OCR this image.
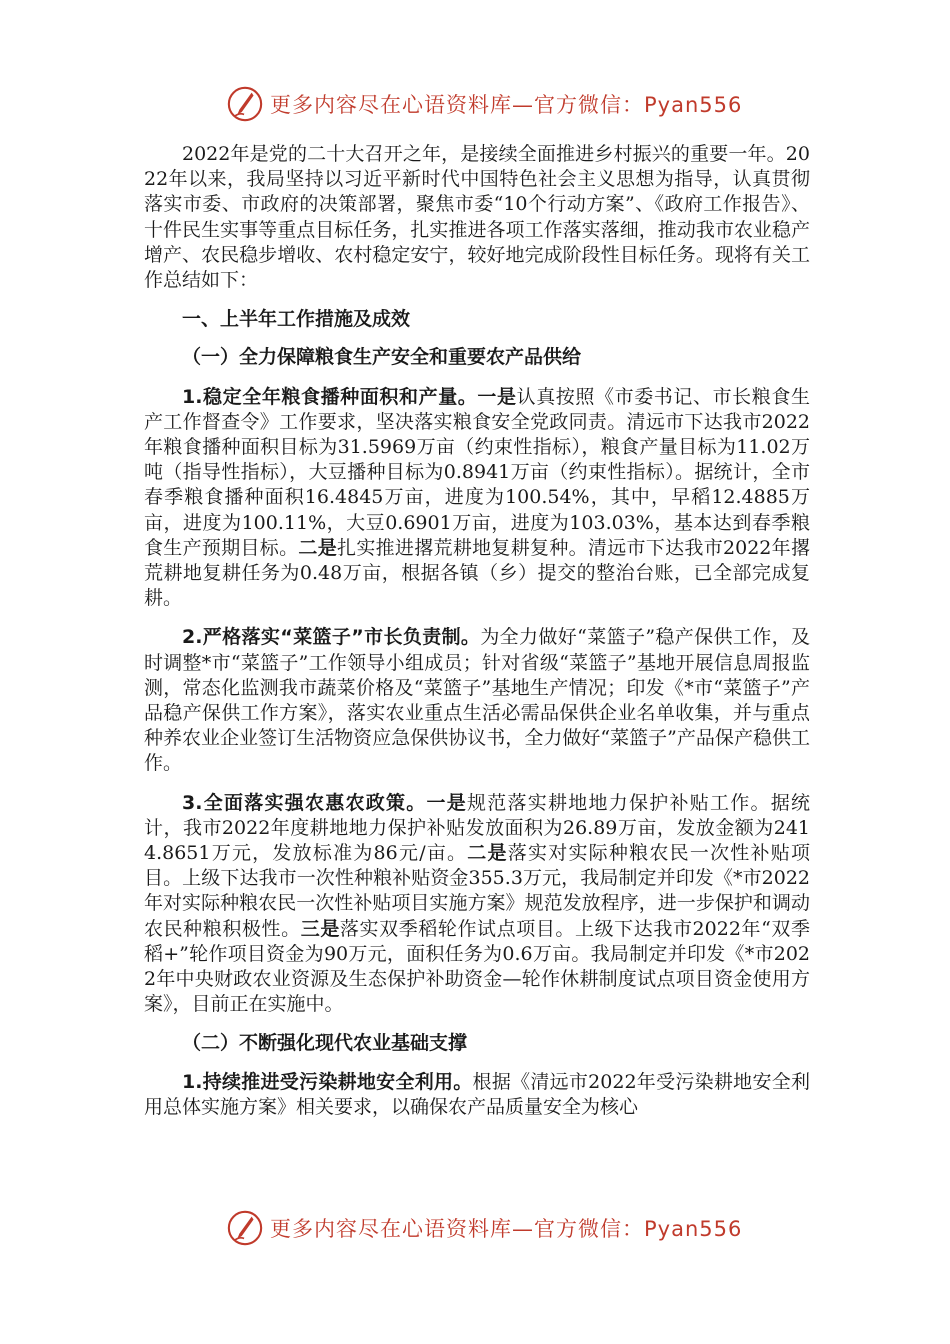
更多内容尽在心语资料库—官方微信：Pyan556

2022年是党的二十大召开之年，是接续全面推进乡村振兴的重要一年。2022年以来，我局坚持以习近平新时代中国特色社会主义思想为指导，认真贯彻落实市委、市政府的决策部署，聚焦市委“10个行动方案”、《政府工作报告》、十件民生实事等重点目标任务，扎实推进各项工作落实落细，推动我市农业稳产增产、农民稳步增收、农村稳定安宁，较好地完成阶段性目标任务。现将有关工作总结如下：

一、上半年工作措施及成效
（一）全力保障粮食生产安全和重要农产品供给

1.稳定全年粮食播种面积和产量。一是认真按照《市委书记、市长粮食生产工作督查令》工作要求，坚决落实粮食安全党政同责。清远市下达我市2022年粮食播种面积目标为31.5969万亩（约束性指标），粮食产量目标为11.02万吨（指导性指标），大豆播种目标为0.8941万亩（约束性指标）。据统计，全市春季粮食播种面积16.4845万亩，进度为100.54%，其中，早稻12.4885万亩，进度为100.11%，大豆0.6901万亩，进度为103.03%，基本达到春季粮食生产预期目标。二是扎实推进撂荒耕地复耕复种。清远市下达我市2022年撂荒耕地复耕任务为0.48万亩，根据各镇（乡）提交的整治台账，已全部完成复耕。

2.严格落实“菜篮子”市长负责制。为全力做好“菜篮子”稳产保供工作，及时调整*市“菜篮子”工作领导小组成员；针对省级“菜篮子”基地开展信息周报监测，常态化监测我市蔬菜价格及“菜篮子”基地生产情况；印发《*市“菜篮子”产品稳产保供工作方案》，落实农业重点生活必需品保供企业名单收集，并与重点种养农业企业签订生活物资应急保供协议书，全力做好“菜篮子”产品保产稳供工作。

3.全面落实强农惠农政策。一是规范落实耕地地力保护补贴工作。据统计，我市2022年度耕地地力保护补贴发放面积为26.89万亩，发放金额为2414.8651万元，发放标准为86元/亩。二是落实对实际种粮农民一次性补贴项目。上级下达我市一次性种粮补贴资金355.3万元，我局制定并印发《*市2022年对实际种粮农民一次性补贴项目实施方案》规范发放程序，进一步保护和调动农民种粮积极性。三是落实双季稻轮作试点项目。上级下达我市2022年“双季稻+”轮作项目资金为90万元，面积任务为0.6万亩。我局制定并印发《*市2022年中央财政农业资源及生态保护补助资金—轮作休耕制度试点项目资金使用方案》，目前正在实施中。

（二）不断强化现代农业基础支撑

1.持续推进受污染耕地安全利用。根据《清远市2022年受污染耕地安全利用总体实施方案》相关要求，以确保农产品质量安全为核心

更多内容尽在心语资料库—官方微信：Pyan556
